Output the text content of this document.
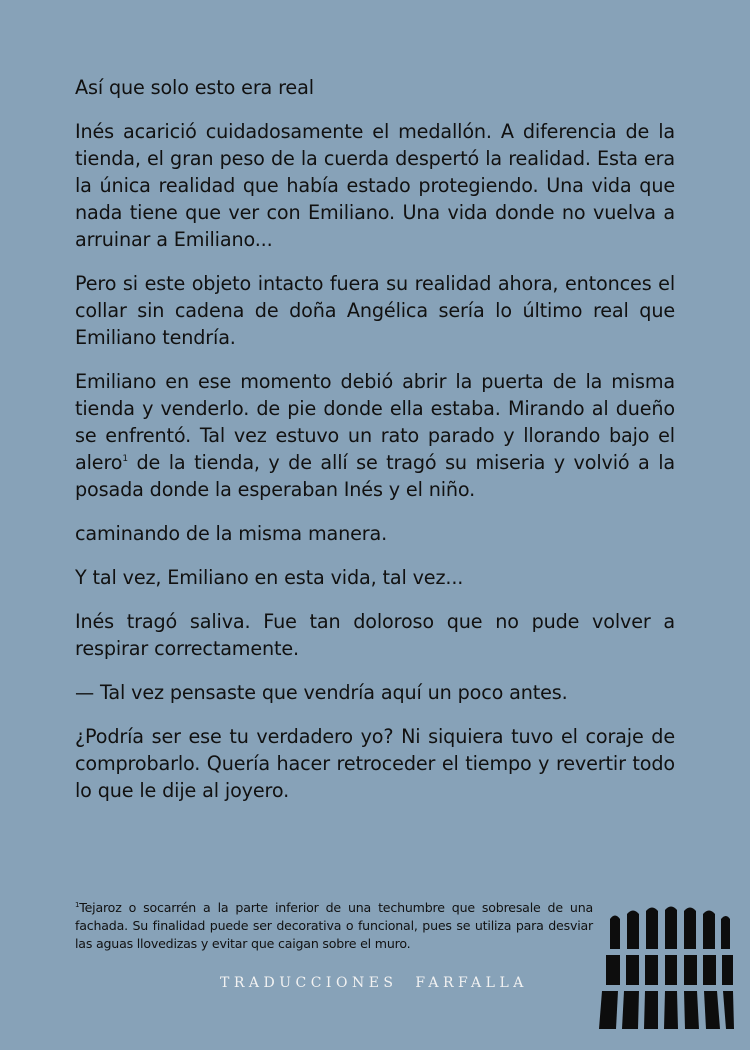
Así que solo esto era real

Inés acarició cuidadosamente el medallón. A diferencia de la tienda, el gran peso de la cuerda despertó la realidad. Esta era la única realidad que había estado protegiendo. Una vida que nada tiene que ver con Emiliano. Una vida donde no vuelva a arruinar a Emiliano...

Pero si este objeto intacto fuera su realidad ahora, entonces el collar sin cadena de doña Angélica sería lo último real que Emiliano tendría.

Emiliano en ese momento debió abrir la puerta de la misma tienda y venderlo. de pie donde ella estaba. Mirando al dueño se enfrentó. Tal vez estuvo un rato parado y llorando bajo el alero$^1$ de la tienda, y de allí se tragó su miseria y volvió a la posada donde la esperaban Inés y el niño.

caminando de la misma manera.

Y tal vez, Emiliano en esta vida, tal vez...

Inés tragó saliva. Fue tan doloroso que no pude volver a respirar correctamente.

— Tal vez pensaste que vendría aquí un poco antes.

¿Podría ser ese tu verdadero yo? Ni siquiera tuvo el coraje de comprobarlo. Quería hacer retroceder el tiempo y revertir todo lo que le dije al joyero.

$^1$Tejaroz o socarrén a la parte inferior de una techumbre que sobresale de una fachada. Su finalidad puede ser decorativa o funcional, pues se utiliza para desviar las aguas llovedizas y evitar que caigan sobre el muro.
TRADUCCIONES  FARFALLA
